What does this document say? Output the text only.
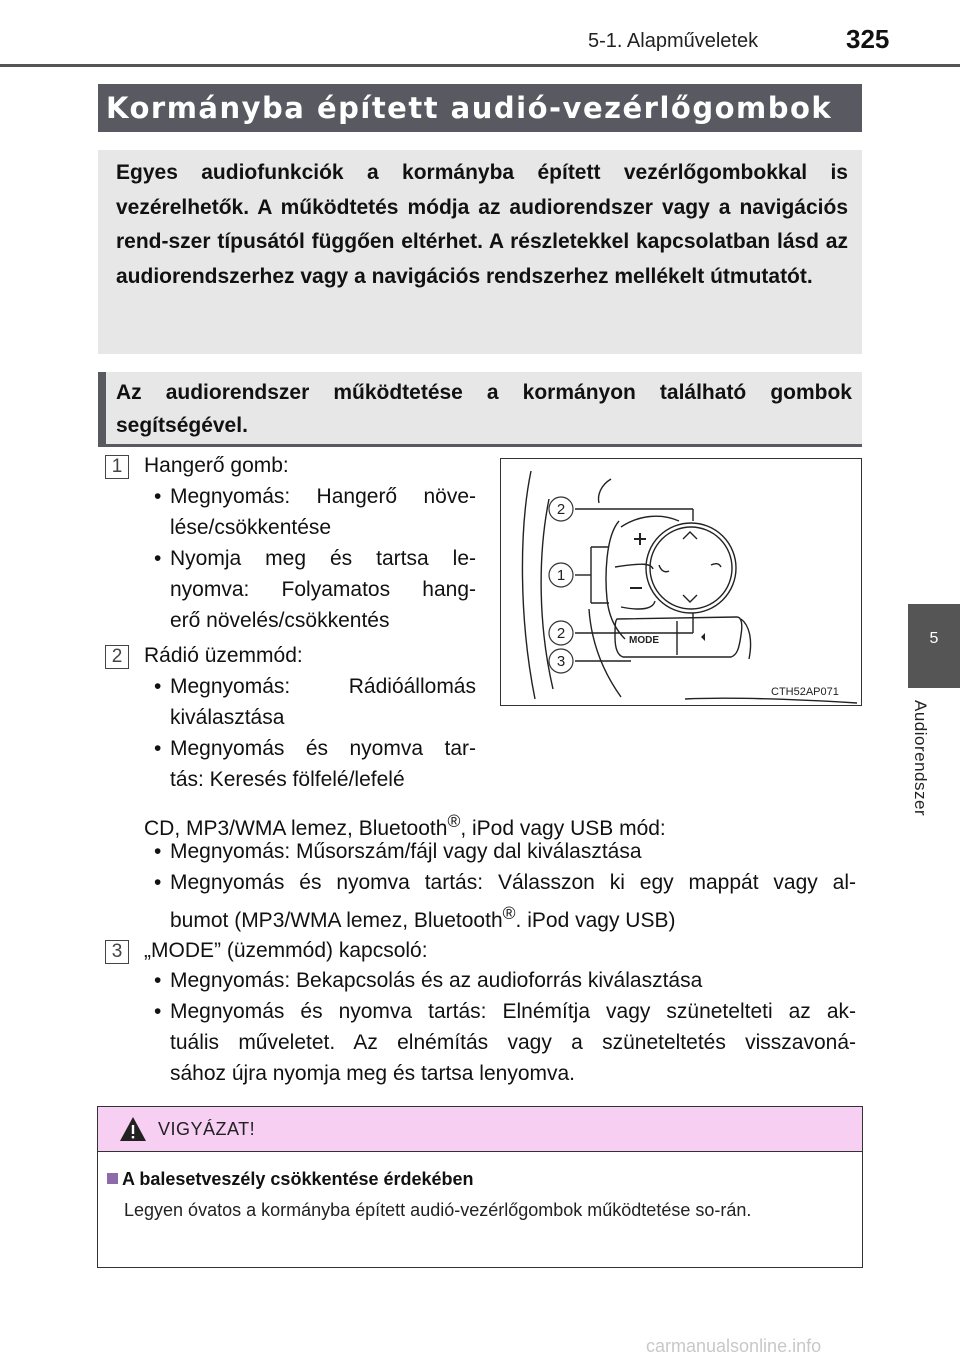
5-1. Alapműveletek	325
5
Audiorendszer
Kormányba épített audió-vezérlőgombok

Egyes audiofunkciók a kormányba épített vezérlőgombokkal is vezérelhetők. A működtetés módja az audiorendszer vagy a navigációs rend-szer típusától függően eltérhet. A részletekkel kapcsolatban lásd az audiorendszerhez vagy a navigációs rendszerhez mellékelt útmutatót.

Az audiorendszer működtetése a kormányon található gombok segítségével.

1	Hangerő gomb:
• Megnyomás: Hangerő növe-
lése/csökkentése
• Nyomja meg és tartsa le-
nyomva: Folyamatos hang-
erő növelés/csökkentés
2	Rádió üzemmód:
• Megnyomás: Rádióállomás
kiválasztása
• Megnyomás és nyomva tar-
tás: Keresés fölfelé/lefelé
CD, MP3/WMA lemez, Bluetooth®, iPod vagy USB mód:
• Megnyomás: Műsorszám/fájl vagy dal kiválasztása
• Megnyomás és nyomva tartás: Válasszon ki egy mappát vagy al-
bumot (MP3/WMA lemez, Bluetooth®. iPod vagy USB)
3	„MODE” (üzemmód) kapcsoló:
• Megnyomás: Bekapcsolás és az audioforrás kiválasztása
• Megnyomás és nyomva tartás: Elnémítja vagy szünetelteti az ak-
tuális műveletet. Az elnémítás vagy a szüneteltetés visszavoná-
sához újra nyomja meg és tartsa lenyomva.
MODE
2
1
2
3
CTH52AP071
VIGYÁZAT!
A balesetveszély csökkentése érdekében
Legyen óvatos a kormányba épített audió-vezérlőgombok működtetése so-rán.
carmanualsonline.info
